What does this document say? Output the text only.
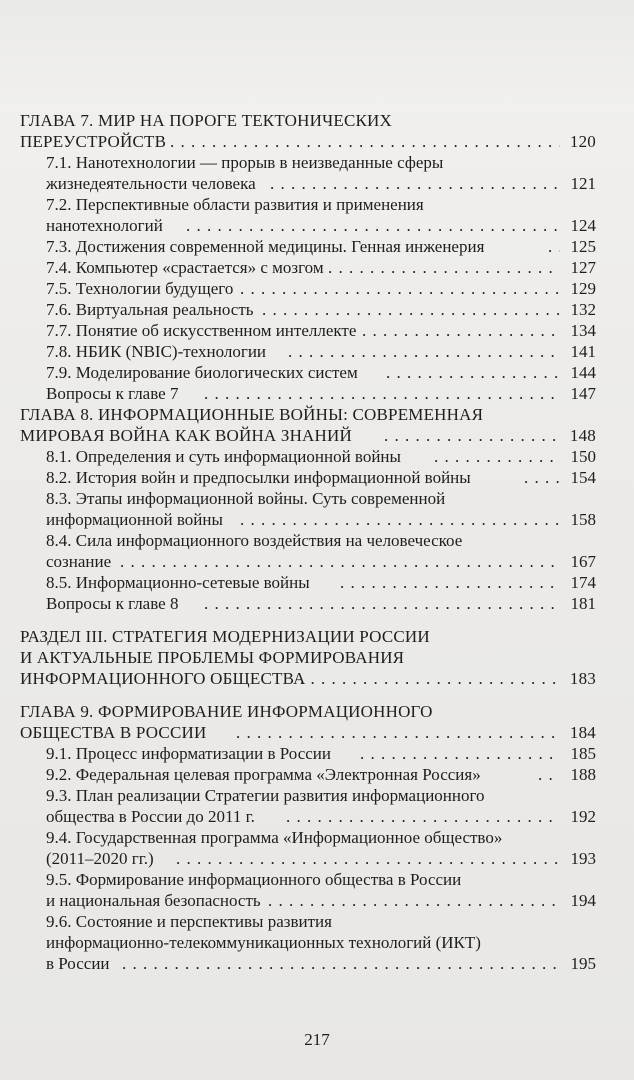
ГЛАВА 7. МИР НА ПОРОГЕ ТЕКТОНИЧЕСКИХ
ПЕРЕУСТРОЙСТВ . . .	120
7.1. Нанотехнологии — прорыв в неизведанные сферы
жизнедеятельности человека . . .	121
7.2. Перспективные области развития и применения
нанотехнологий . . .	124
7.3. Достижения современной медицины. Генная инженерия . . .	125
7.4. Компьютер «срастается» с мозгом . . .	127
7.5. Технологии будущего . . .	129
7.6. Виртуальная реальность . . .	132
7.7. Понятие об искусственном интеллекте . . .	134
7.8. НБИК (NBIC)-технологии . . .	141
7.9. Моделирование биологических систем . . .	144
Вопросы к главе 7 . . .	147
ГЛАВА 8. ИНФОРМАЦИОННЫЕ ВОЙНЫ: СОВРЕМЕННАЯ
МИРОВАЯ ВОЙНА КАК ВОЙНА ЗНАНИЙ . . .	148
8.1. Определения и суть информационной войны . . .	150
8.2. История войн и предпосылки информационной войны . . .	154
8.3. Этапы информационной войны. Суть современной
информационной войны . . .	158
8.4. Сила информационного воздействия на человеческое
сознание . . .	167
8.5. Информационно-сетевые войны . . .	174
Вопросы к главе 8 . . .	181
РАЗДЕЛ III. СТРАТЕГИЯ МОДЕРНИЗАЦИИ РОССИИ
И АКТУАЛЬНЫЕ ПРОБЛЕМЫ ФОРМИРОВАНИЯ
ИНФОРМАЦИОННОГО ОБЩЕСТВА . . .	183
ГЛАВА 9. ФОРМИРОВАНИЕ ИНФОРМАЦИОННОГО
ОБЩЕСТВА В РОССИИ . . .	184
9.1. Процесс информатизации в России . . .	185
9.2. Федеральная целевая программа «Электронная Россия» . . .	188
9.3. План реализации Стратегии развития информационного
общества в России до 2011 г. . . .	192
9.4. Государственная программа «Информационное общество»
(2011–2020 гг.) . . .	193
9.5. Формирование информационного общества в России
и национальная безопасность . . .	194
9.6. Состояние и перспективы развития
информационно-телекоммуникационных технологий (ИКТ)
в России . . .	195
217
